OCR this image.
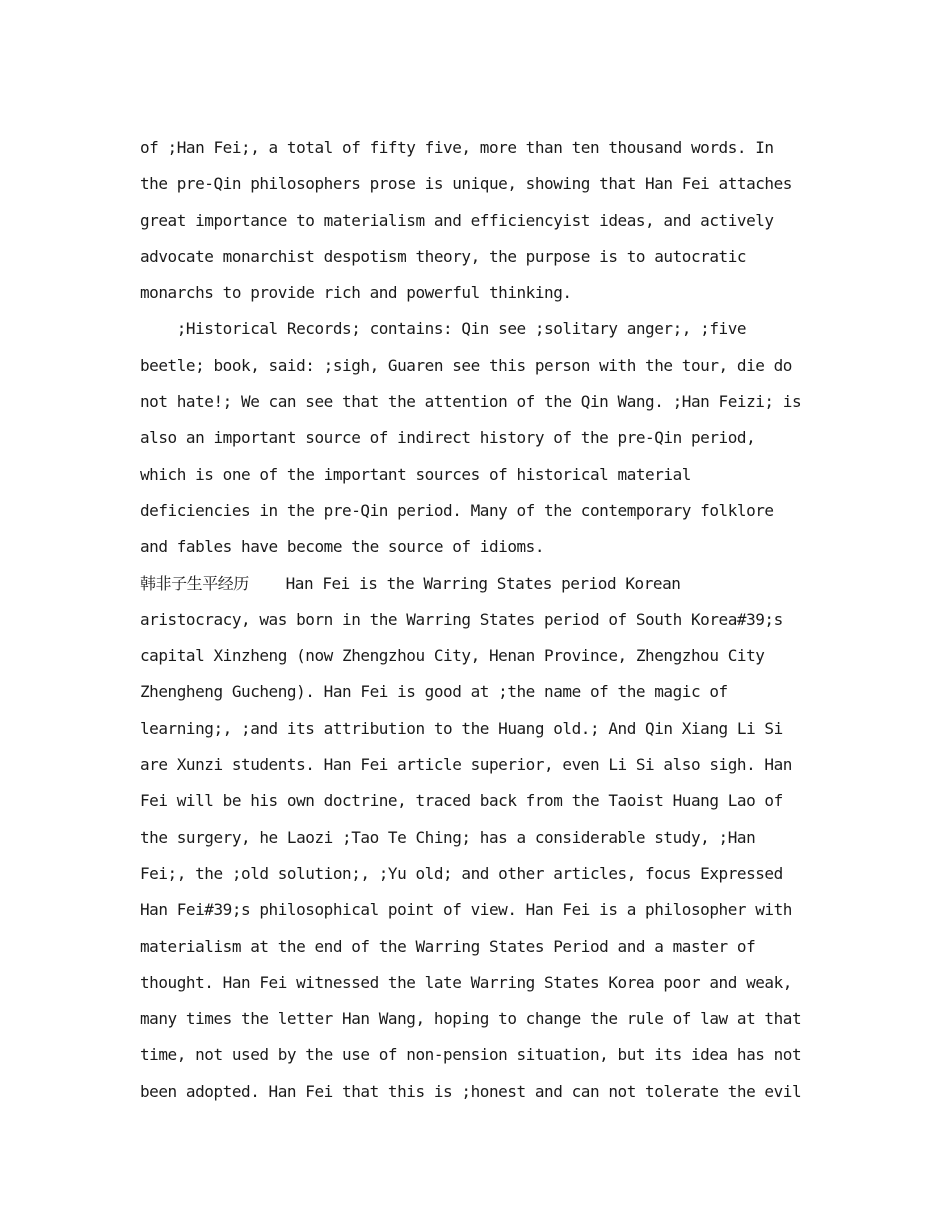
of ;Han Fei;, a total of fifty five, more than ten thousand words. In
the pre-Qin philosophers prose is unique, showing that Han Fei attaches
great importance to materialism and efficiencyist ideas, and actively
advocate monarchist despotism theory, the purpose is to autocratic
monarchs to provide rich and powerful thinking.
;Historical Records; contains: Qin see ;solitary anger;, ;five
beetle; book, said: ;sigh, Guaren see this person with the tour, die do
not hate!; We can see that the attention of the Qin Wang. ;Han Feizi; is
also an important source of indirect history of the pre-Qin period,
which is one of the important sources of historical material
deficiencies in the pre-Qin period. Many of the contemporary folklore
and fables have become the source of idioms.
韩非子生平经历    Han Fei is the Warring States period Korean
aristocracy, was born in the Warring States period of South Korea#39;s
capital Xinzheng (now Zhengzhou City, Henan Province, Zhengzhou City
Zhengheng Gucheng). Han Fei is good at ;the name of the magic of
learning;, ;and its attribution to the Huang old.; And Qin Xiang Li Si
are Xunzi students. Han Fei article superior, even Li Si also sigh. Han
Fei will be his own doctrine, traced back from the Taoist Huang Lao of
the surgery, he Laozi ;Tao Te Ching; has a considerable study, ;Han
Fei;, the ;old solution;, ;Yu old; and other articles, focus Expressed
Han Fei#39;s philosophical point of view. Han Fei is a philosopher with
materialism at the end of the Warring States Period and a master of
thought. Han Fei witnessed the late Warring States Korea poor and weak,
many times the letter Han Wang, hoping to change the rule of law at that
time, not used by the use of non-pension situation, but its idea has not
been adopted. Han Fei that this is ;honest and can not tolerate the evil
